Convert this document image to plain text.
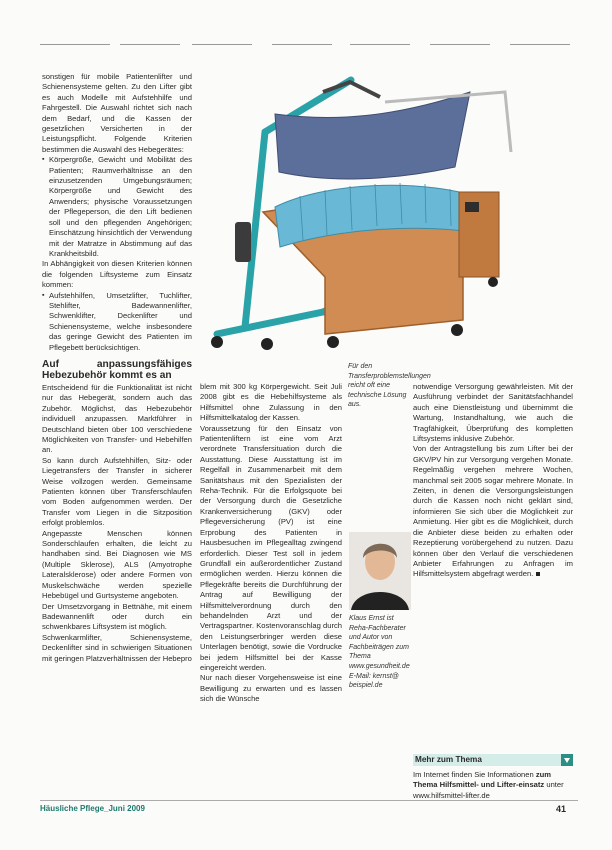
sonstigen für mobile Patientenlifter und Schienensysteme gelten. Zu den Lifter gibt es auch Modelle mit Aufstehhilfe und Fahrgestell. Die Auswahl richtet sich nach dem Bedarf, und die Kassen der gesetzlichen Versicherten in der Leistungspflicht. Folgende Kriterien bestimmen die Auswahl des Hebegerätes:

▪ Körpergröße, Gewicht und Mobilität des Patienten; Raumverhältnisse an den einzusetzenden Umgebungsräumen; Körpergröße und Gewicht des Anwenders; physische Voraussetzungen der Pflegeperson, die den Lift bedienen soll und den pflegenden Angehörigen; Einschätzung hinsichtlich der Verwendung mit der Matratze in Abstimmung auf das Krankheitsbild.

In Abhängigkeit von diesen Kriterien können die folgenden Liftsysteme zum Einsatz kommen:

▪ Aufstehhilfen, Umsetzlifter, Tuchlifter, Stehlifter, Badewannenlifter, Schwenklifter, Deckenlifter und Schienensysteme, welche insbesondere das geringe Gewicht des Patienten im Pflegebett berücksichtigen.
Auf anpassungsfähiges Hebezubehör kommt es an

Entscheidend für die Funktionalität ist nicht nur das Hebegerät, sondern auch das Zubehör. Möglichst, das Hebezubehör individuell anzupassen. Marktführer in Deutschland bieten über 100 verschiedene Möglichkeiten von Transfer- und Hebehilfen an.

So kann durch Aufstehhilfen, Sitz- oder Liegetransfers der Transfer in sicherer Weise vollzogen werden. Gemeinsame Patienten können über Transferschlaufen vom Boden aufgenommen werden. Der Transfer vom Liegen in die Sitzposition erfolgt problemlos.

Angepasste Menschen können Sonderschlaufen erhalten, die leicht zu handhaben sind. Bei Diagnosen wie MS (Multiple Sklerose), ALS (Amyotrophe Lateralsklerose) oder andere Formen von Muskelschwäche werden spezielle Hebebügel und Gurtsysteme angeboten.

Der Umsetzvorgang in Bettnähe, mit einem Badewannenlift oder durch ein schwenkbares Liftsystem ist möglich.

Schwenkarmlifter, Schienensysteme, Deckenlifter sind in schwierigen Situationen mit geringen Platzverhältnissen der Hebepro

Für den Transferproblemstellungen reicht oft eine technische Lösung aus.

blem mit 300 kg Körpergewicht. Seit Juli 2008 gibt es die Hebehilfsysteme als Hilfsmittel ohne Zulassung in den Hilfsmittelkatalog der Kassen.

Voraussetzung für den Einsatz von Patientenliftern ist eine vom Arzt verordnete Transfersituation durch die Ausstattung. Diese Ausstattung ist im Regelfall in Zusammenarbeit mit dem Sanitätshaus mit den Spezialisten der Reha-Technik. Für die Erfolgsquote bei der Versorgung durch die Gesetzliche Krankenversicherung (GKV) oder Pflegeversicherung (PV) ist eine Erprobung des Patienten in Hausbesuchen im Pflegealltag zwingend erforderlich. Dieser Test soll in jedem Grundfall ein außerordentlicher Zustand ermöglichen werden. Hierzu können die Pflegekräfte bereits die Durchführung der Antrag auf Bewilligung der Hilfsmittelverordnung durch den behandelnden Arzt und der Vertragspartner. Kostenvoranschlag durch den Leistungserbringer werden diese Unterlagen benötigt, sowie die Vordrucke bei jedem Hilfsmittel bei der Kasse eingereicht werden.

Nur nach dieser Vorgehensweise ist eine Bewilligung zu erwarten und es lassen sich die Wünsche

Klaus Ernst ist Reha-Fachberater und Autor von Fachbeiträgen zum Thema www.gesundheit.de E-Mail: kernst@ beispiel.de

notwendige Versorgung gewährleisten. Mit der Ausführung verbindet der Sanitätsfachhandel auch eine Dienstleistung und übernimmt die Wartung, Instandhaltung, wie auch die Tragfähigkeit, Überprüfung des kompletten Liftsystems inklusive Zubehör.

Von der Antragstellung bis zum Lifter bei der GKV/PV hin zur Versorgung vergehen Monate. Regelmäßig vergehen mehrere Wochen, manchmal seit 2005 sogar mehrere Monate. In Zeiten, in denen die Versorgungsleistungen durch die Kassen noch nicht geklärt sind, informieren Sie sich über die Möglichkeit zur Anmietung. Hier gibt es die Möglichkeit, durch die Anbieter diese beiden zu erhalten oder Rezeptierung vorübergehend zu nutzen. Dazu können über den Verlauf die verschiedenen Anbieter Erfahrungen zu Anfragen im Hilfsmittelsystem abgefragt werden.

Mehr zum Thema
Im Internet finden Sie Informationen zum Thema Hilfsmittel- und Lifter-einsatz unter www.hilfsmittel-lifter.de
Häusliche Pflege_Juni 2009	41
